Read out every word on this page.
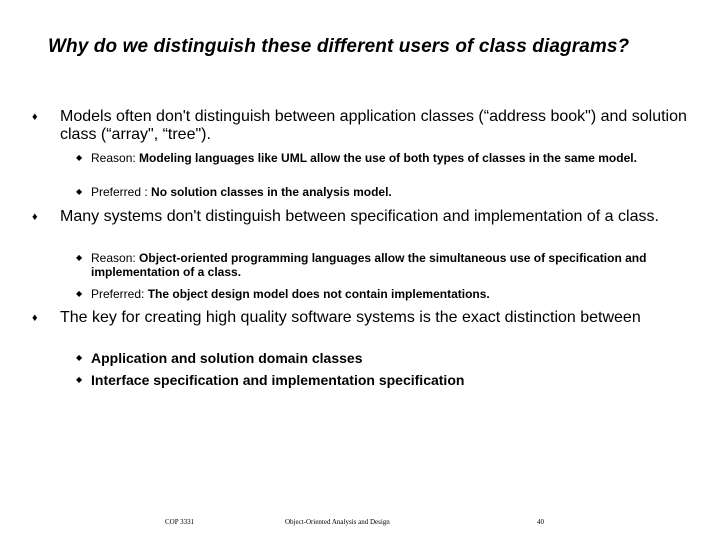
Why do we distinguish these different users of class diagrams?
♦ Models often don't distinguish between application classes (“address book") and solution class (“array", “tree").
◆ Reason: Modeling languages like UML allow the use of both types of classes in the same model.
◆ Preferred : No solution classes in the analysis model.
♦ Many systems don't distinguish between specification and implementation of a class.
◆ Reason: Object-oriented programming languages allow the simultaneous use of specification and implementation of a class.
◆ Preferred: The object design model does not contain implementations.
♦ The key for creating high quality software systems is the exact distinction between
◆ Application and solution domain classes
◆ Interface specification and implementation specification
COP 3331	Object-Oriented Analysis and Design	40
